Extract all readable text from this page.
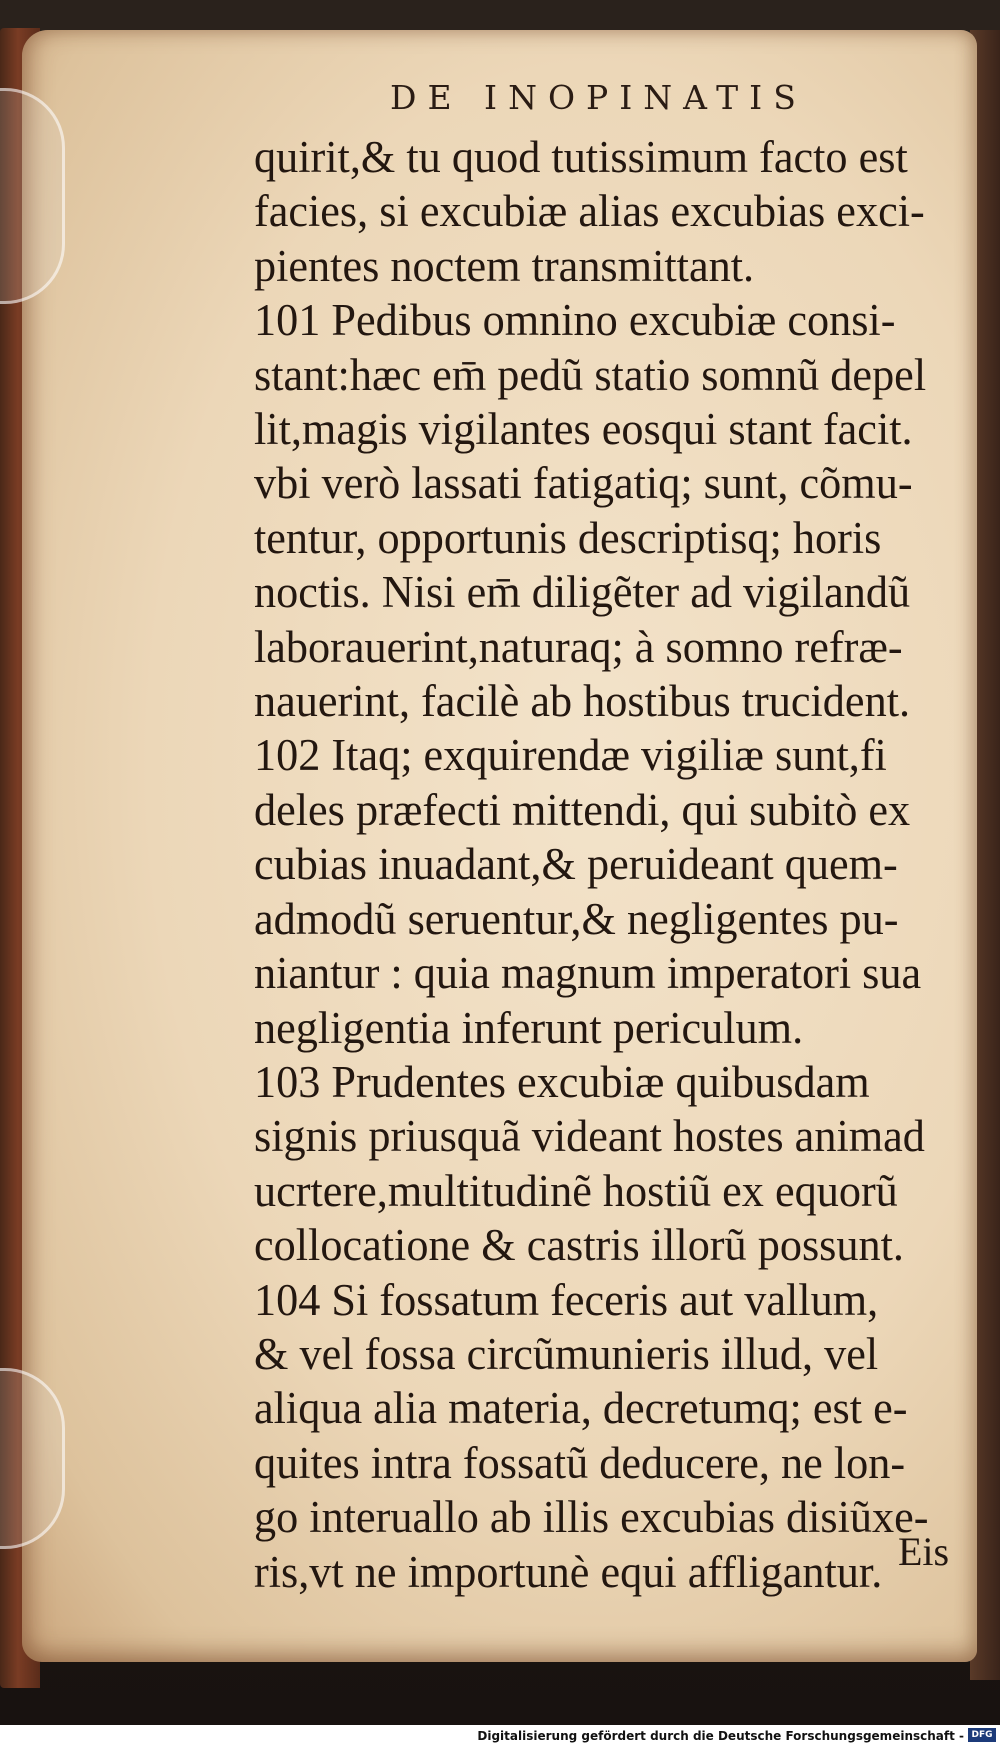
DE INOPINATIS
quirit,& tu quod tutissimum facto est
facies, si excubiæ alias excubias exci-
pientes noctem transmittant.
101 Pedibus omnino excubiæ consi-
stant:hæc em̄ pedũ statio somnũ depel
lit,magis vigilantes eosqui stant facit.
vbi verò lassati fatigatiq; sunt, cõmu-
tentur, opportunis descriptisq; horis
noctis. Nisi em̄ diligẽter ad vigilandũ
laborauerint,naturaq; à somno refræ-
nauerint, facilè ab hostibus trucident.
102 Itaq; exquirendæ vigiliæ sunt,fi
deles præfecti mittendi, qui subitò ex
cubias inuadant,& peruideant quem-
admodũ seruentur,& negligentes pu-
niantur : quia magnum imperatori sua
negligentia inferunt periculum.
103 Prudentes excubiæ quibusdam
signis priusquã videant hostes animad
ucrtere,multitudinẽ hostiũ ex equorũ
collocatione & castris illorũ possunt.
104 Si fossatum feceris aut vallum,
& vel fossa circũmunieris illud, vel
aliqua alia materia, decretumq; est e-
quites intra fossatũ deducere, ne lon-
go interuallo ab illis excubias disiũxe-
ris,vt ne importunè equi affligantur. Eis
Digitalisierung gefördert durch die Deutsche Forschungsgemeinschaft - DFG
